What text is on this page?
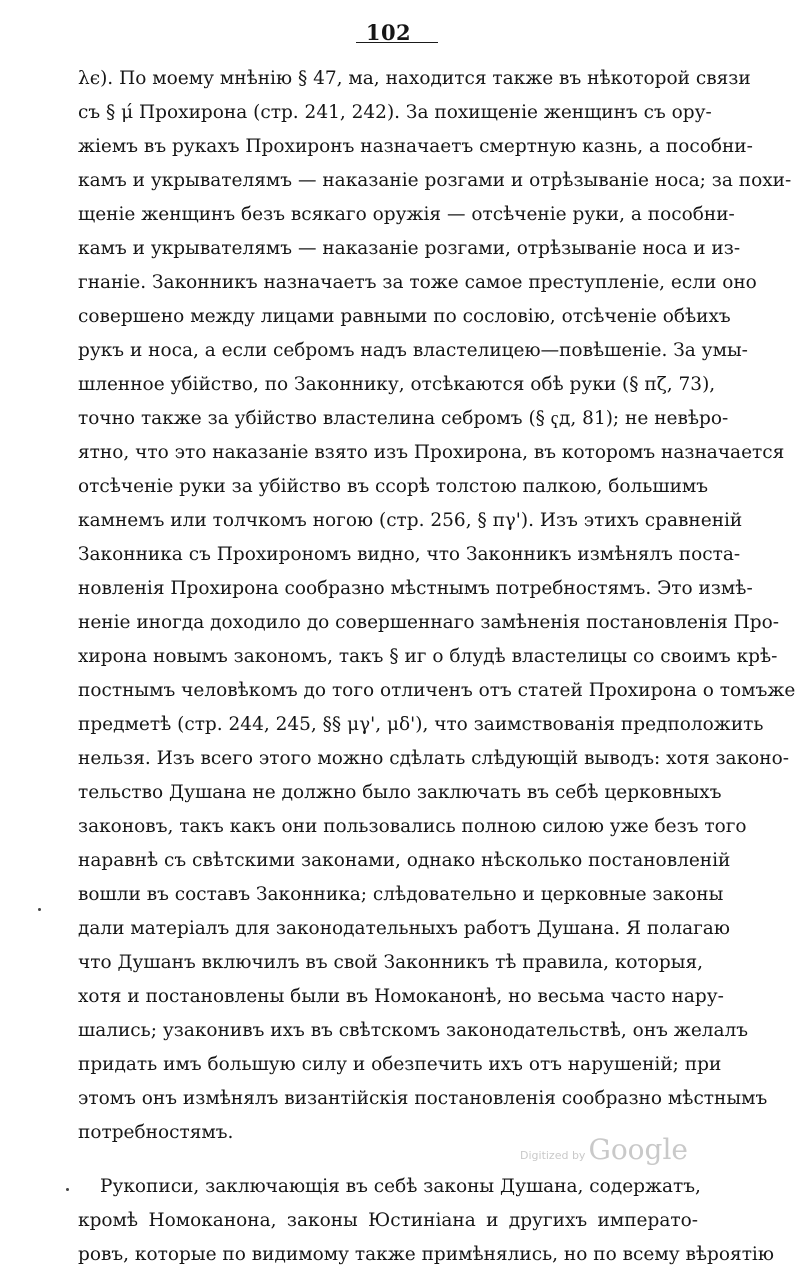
102
λϵ). По моему мнѣнію § 47, ма, находится также въ нѣкоторой связи
съ § μ́ Прохирона (стр. 241, 242). За похищеніе женщинъ съ ору-
жіемъ въ рукахъ Прохиронъ назначаетъ смертную казнь, а пособни-
камъ и укрывателямъ — наказаніе розгами и отрѣзываніе носа; за похи-
щеніе женщинъ безъ всякаго оружія — отсѣченіе руки, а пособни-
камъ и укрывателямъ — наказаніе розгами, отрѣзываніе носа и из-
гнаніе. Законникъ назначаетъ за тоже самое преступленіе, если оно
совершено между лицами равными по сословію, отсѣченіе обѣихъ
рукъ и носа, а если себромъ надъ властелицею—повѣшеніе. За умы-
шленное убійство, по Законнику, отсѣкаются обѣ руки (§ пζ, 73),
точно также за убійство властелина себромъ (§ ҁд, 81); не невѣро-
ятно, что это наказаніе взято изъ Прохирона, въ которомъ назначается
отсѣченіе руки за убійство въ ссорѣ толстою палкою, большимъ
камнемъ или толчкомъ ногою (стр. 256, § πγ'). Изъ этихъ сравненій
Законника съ Прохирономъ видно, что Законникъ измѣнялъ поста-
новленія Прохирона сообразно мѣстнымъ потребностямъ. Это измѣ-
неніе иногда доходило до совершеннаго замѣненія постановленія Про-
хирона новымъ закономъ, такъ § иг о блудѣ властелицы со своимъ крѣ-
постнымъ человѣкомъ до того отличенъ отъ статей Прохирона о томъже
предметѣ (стр. 244, 245, §§ μγ', μδ'), что заимствованія предположить
нельзя. Изъ всего этого можно сдѣлать слѣдующій выводъ: хотя законо-
тельство Душана не должно было заключать въ себѣ церковныхъ
законовъ, такъ какъ они пользовались полною силою уже безъ того
наравнѣ съ свѣтскими законами, однако нѣсколько постановленій
вошли въ составъ Законника; слѣдовательно и церковные законы
дали матеріалъ для законодательныхъ работъ Душана. Я полагаю
что Душанъ включилъ въ свой Законникъ тѣ правила, которыя,
хотя и постановлены были въ Номоканонѣ, но весьма часто нару-
шались; узаконивъ ихъ въ свѣтскомъ законодательствѣ, онъ желалъ
придать имъ большую силу и обезпечить ихъ отъ нарушеній; при
этомъ онъ измѣнялъ византійскія постановленія сообразно мѣстнымъ
потребностямъ.
Рукописи, заключающія въ себѣ законы Душана, содержатъ,
кромѣ Номоканона, законы Юстиніана и другихъ императо-
ровъ, которые по видимому также примѣнялись, но по всему вѣроятію
Digitized by Google
